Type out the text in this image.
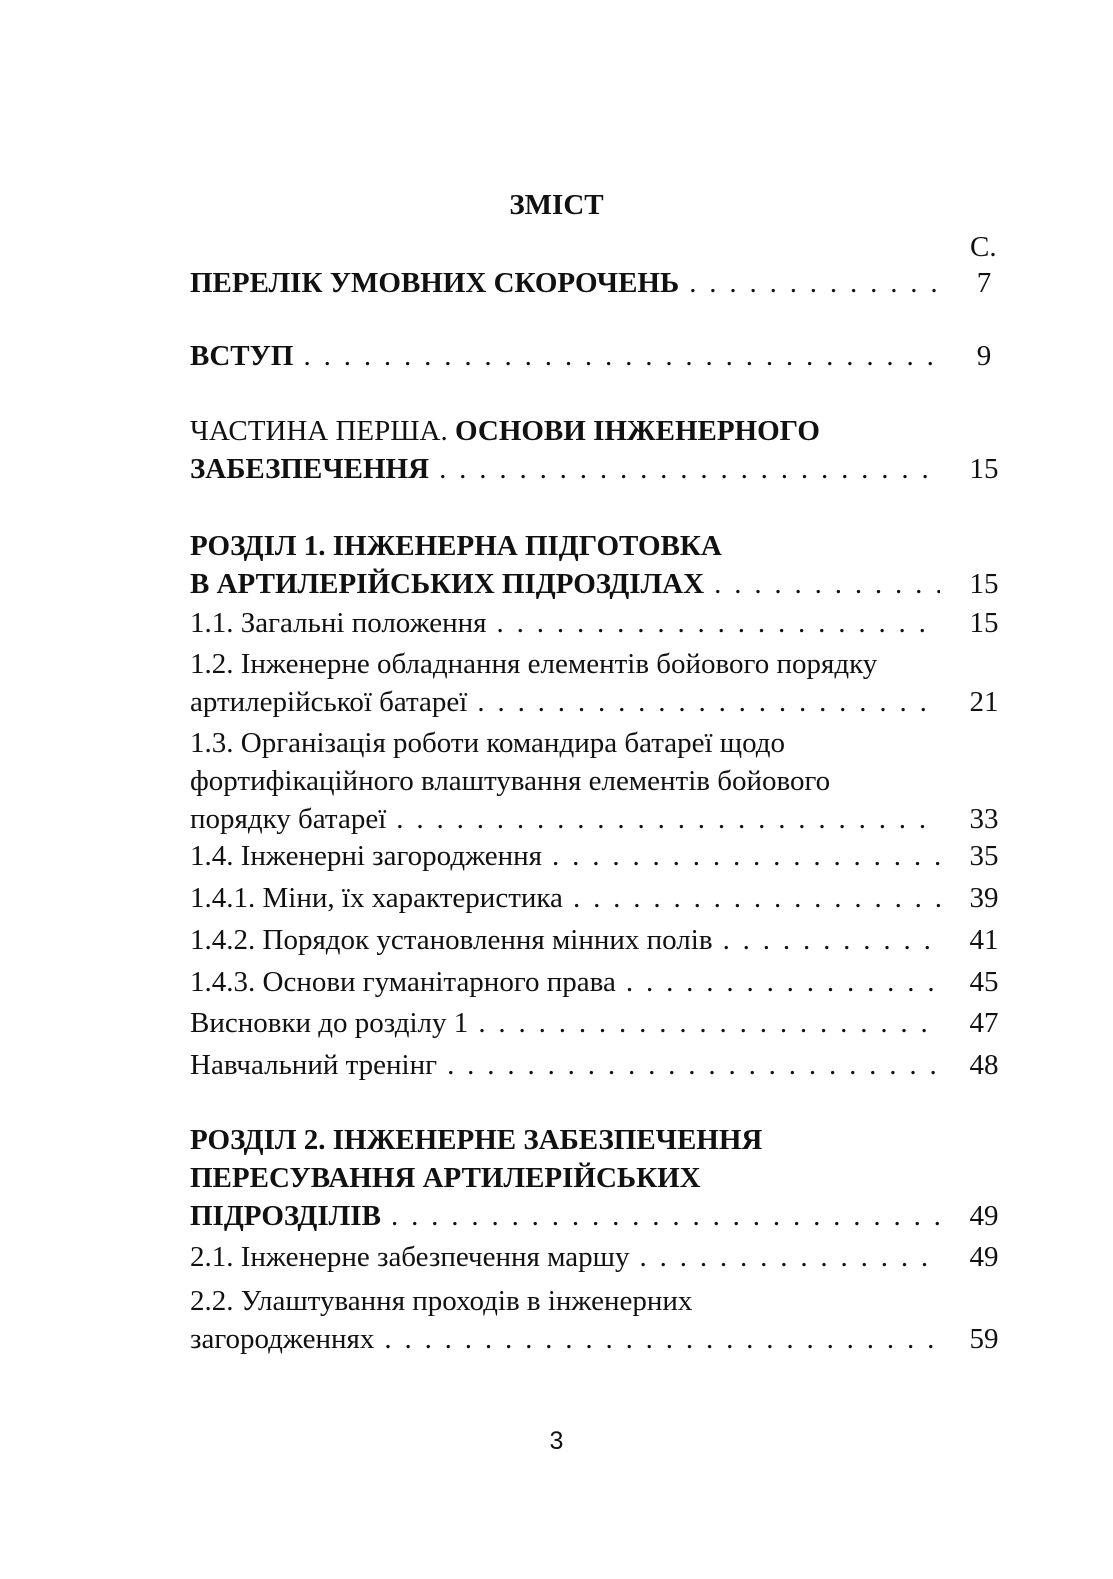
ЗМІСТ
С.
ПЕРЕЛІК УМОВНИХ СКОРОЧЕНЬ . . .	7
ВСТУП . . .	9
ЧАСТИНА ПЕРША. ОСНОВИ ІНЖЕНЕРНОГО
ЗАБЕЗПЕЧЕННЯ . . .	15
РОЗДІЛ 1. ІНЖЕНЕРНА ПІДГОТОВКА
В АРТИЛЕРІЙСЬКИХ ПІДРОЗДІЛАХ . . .	15
1.1. Загальні положення . . .	15
1.2. Інженерне обладнання елементів бойового порядку
артилерійської батареї . . .	21
1.3. Організація роботи командира батареї щодо
фортифікаційного влаштування елементів бойового
порядку батареї . . .	33
1.4. Інженерні загородження . . .	35
1.4.1. Міни, їх характеристика . . .	39
1.4.2. Порядок установлення мінних полів . . .	41
1.4.3. Основи гуманітарного права . . .	45
Висновки до розділу 1 . . .	47
Навчальний тренінг . . .	48
РОЗДІЛ 2. ІНЖЕНЕРНЕ ЗАБЕЗПЕЧЕННЯ
ПЕРЕСУВАННЯ АРТИЛЕРІЙСЬКИХ
ПІДРОЗДІЛІВ . . .	49
2.1. Інженерне забезпечення маршу . . .	49
2.2. Улаштування проходів в інженерних
загородженнях . . .	59
3
